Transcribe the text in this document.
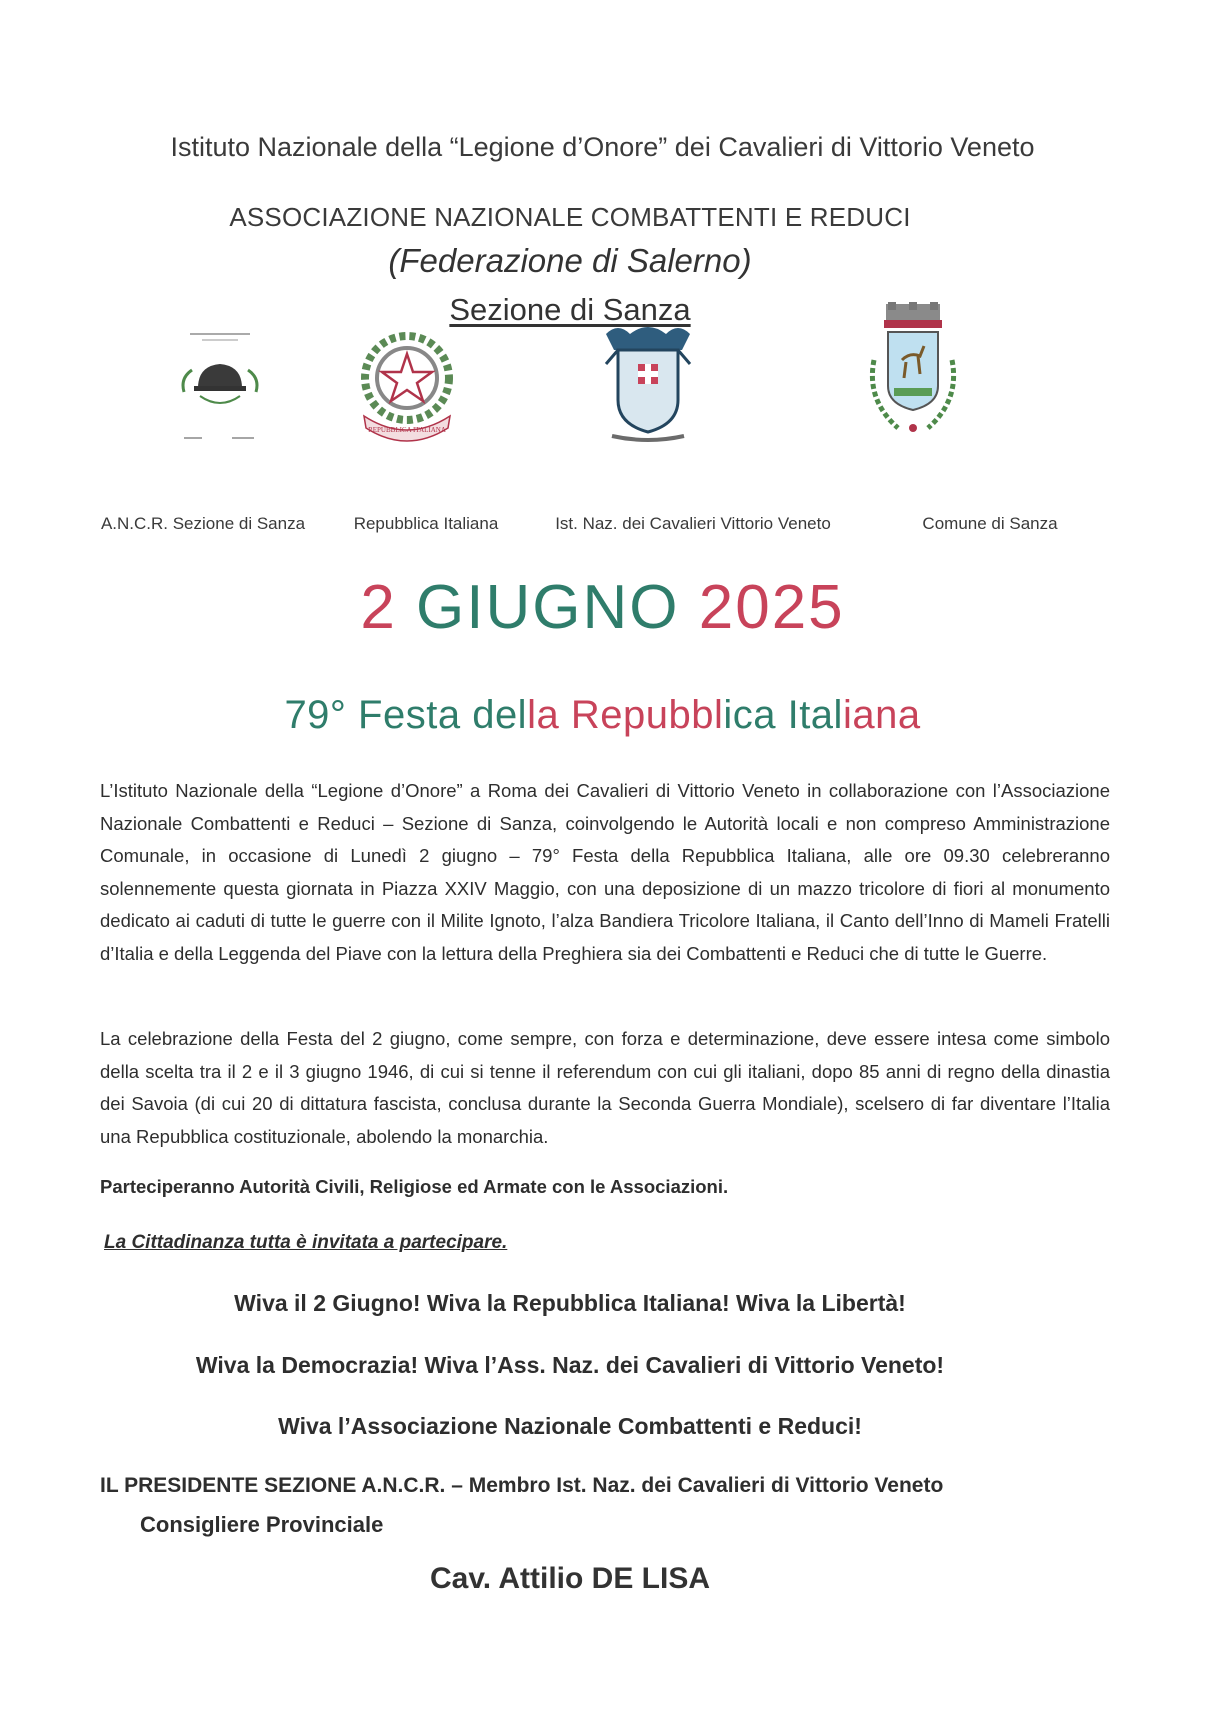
Istituto Nazionale della “Legione d’Onore” dei Cavalieri di Vittorio Veneto
ASSOCIAZIONE NAZIONALE COMBATTENTI E REDUCI
(Federazione di Salerno)
Sezione di Sanza
REPUBBLICA ITALIANA
A.N.C.R. Sezione di Sanza	Repubblica Italiana	Ist. Naz. dei Cavalieri Vittorio Veneto	Comune di Sanza
2 GIUGNO 2025
79° Festa della Repubblica Italiana
L’Istituto Nazionale della “Legione d’Onore” a Roma dei Cavalieri di Vittorio Veneto in collaborazione con l’Associazione Nazionale Combattenti e Reduci – Sezione di Sanza, coinvolgendo le Autorità locali e non compreso Amministrazione Comunale, in occasione di Lunedì 2 giugno – 79° Festa della Repubblica Italiana, alle ore 09.30 celebreranno solennemente questa giornata in Piazza XXIV Maggio, con una deposizione di un mazzo tricolore di fiori al monumento dedicato ai caduti di tutte le guerre con il Milite Ignoto, l’alza Bandiera Tricolore Italiana, il Canto dell’Inno di Mameli Fratelli d’Italia e della Leggenda del Piave con la lettura della Preghiera sia dei Combattenti e Reduci che di tutte le Guerre.
La celebrazione della Festa del 2 giugno, come sempre, con forza e determinazione, deve essere intesa come simbolo della scelta tra il 2 e il 3 giugno 1946, di cui si tenne il referendum con cui gli italiani, dopo 85 anni di regno della dinastia dei Savoia (di cui 20 di dittatura fascista, conclusa durante la Seconda Guerra Mondiale), scelsero di far diventare l’Italia una Repubblica costituzionale, abolendo la monarchia.
Parteciperanno Autorità Civili, Religiose ed Armate con le Associazioni.
La Cittadinanza tutta è invitata a partecipare.
Wiva il 2 Giugno! Wiva la Repubblica Italiana! Wiva la Libertà!
Wiva la Democrazia! Wiva l’Ass. Naz. dei Cavalieri di Vittorio Veneto!
Wiva l’Associazione Nazionale Combattenti e Reduci!
IL PRESIDENTE SEZIONE A.N.C.R. – Membro Ist. Naz. dei Cavalieri di Vittorio Veneto
Consigliere Provinciale
Cav. Attilio DE LISA
